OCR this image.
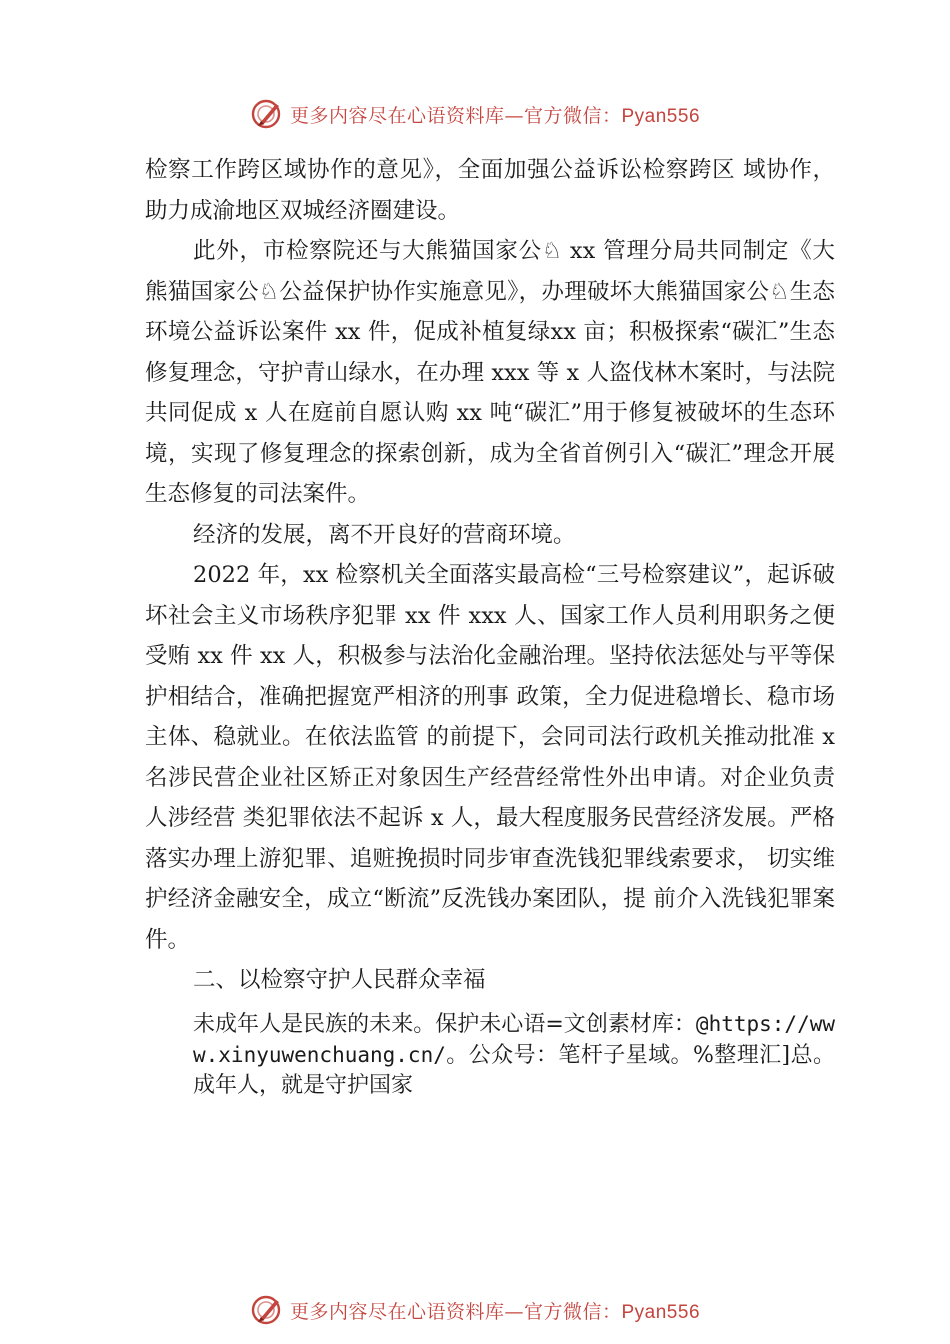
更多内容尽在心语资料库—官方微信：Pyan556

检察工作跨区域协作的意见》，全面加强公益诉讼检察跨区 域协作，助力成渝地区双城经济圈建设。

此外，市检察院还与大熊猫国家公♘ xx 管理分局共同制定《大熊猫国家公♘公益保护协作实施意见》，办理破坏大熊猫国家公♘生态环境公益诉讼案件 xx 件，促成补植复绿xx 亩；积极探索“碳汇”生态修复理念，守护青山绿水，在办理 xxx 等 x 人盗伐林木案时，与法院共同促成 x 人在庭前自愿认购 xx 吨“碳汇”用于修复被破坏的生态环境，实现了修复理念的探索创新，成为全省首例引入“碳汇”理念开展生态修复的司法案件。

经济的发展，离不开良好的营商环境。

2022 年，xx 检察机关全面落实最高检“三号检察建议”，起诉破坏社会主义市场秩序犯罪 xx 件 xxx 人、国家工作人员利用职务之便受贿 xx 件 xx 人，积极参与法治化金融治理。坚持依法惩处与平等保护相结合，准确把握宽严相济的刑事 政策，全力促进稳增长、稳市场主体、稳就业。在依法监管 的前提下，会同司法行政机关推动批准 x 名涉民营企业社区矫正对象因生产经营经常性外出申请。对企业负责人涉经营 类犯罪依法不起诉 x 人，最大程度服务民营经济发展。严格 落实办理上游犯罪、追赃挽损时同步审查洗钱犯罪线索要求， 切实维护经济金融安全，成立“断流”反洗钱办案团队，提 前介入洗钱犯罪案件。

二、以检察守护人民群众幸福

未成年人是民族的未来。保护未心语=文创素材库：@https://www.xinyuwenchuang.cn/。公众号：笔杆子星域。%整理汇]总。成年人，就是守护国家

更多内容尽在心语资料库—官方微信：Pyan556
